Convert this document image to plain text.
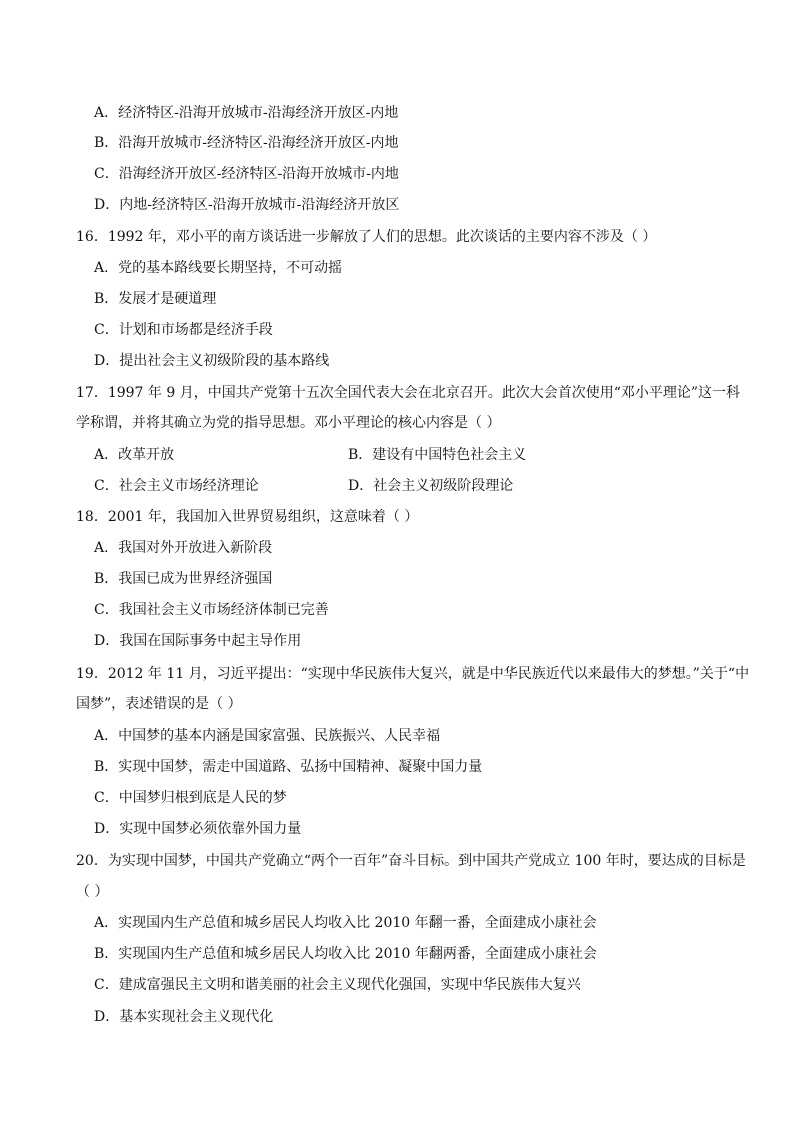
A．经济特区-沿海开放城市-沿海经济开放区-内地
B．沿海开放城市-经济特区-沿海经济开放区-内地
C．沿海经济开放区-经济特区-沿海开放城市-内地
D．内地-经济特区-沿海开放城市-沿海经济开放区
16．1992 年，邓小平的南方谈话进一步解放了人们的思想。此次谈话的主要内容不涉及（ ）
A．党的基本路线要长期坚持，不可动摇
B．发展才是硬道理
C．计划和市场都是经济手段
D．提出社会主义初级阶段的基本路线
17．1997 年 9 月，中国共产党第十五次全国代表大会在北京召开。此次大会首次使用“邓小平理论”这一科
学称谓，并将其确立为党的指导思想。邓小平理论的核心内容是（ ）
A．改革开放	B．建设有中国特色社会主义
C．社会主义市场经济理论	D．社会主义初级阶段理论
18．2001 年，我国加入世界贸易组织，这意味着（ ）
A．我国对外开放进入新阶段
B．我国已成为世界经济强国
C．我国社会主义市场经济体制已完善
D．我国在国际事务中起主导作用
19．2012 年 11 月，习近平提出：“实现中华民族伟大复兴，就是中华民族近代以来最伟大的梦想。”关于“中
国梦”，表述错误的是（ ）
A．中国梦的基本内涵是国家富强、民族振兴、人民幸福
B．实现中国梦，需走中国道路、弘扬中国精神、凝聚中国力量
C．中国梦归根到底是人民的梦
D．实现中国梦必须依靠外国力量
20．为实现中国梦，中国共产党确立“两个一百年”奋斗目标。到中国共产党成立 100 年时，要达成的目标是
（ ）
A．实现国内生产总值和城乡居民人均收入比 2010 年翻一番，全面建成小康社会
B．实现国内生产总值和城乡居民人均收入比 2010 年翻两番，全面建成小康社会
C．建成富强民主文明和谐美丽的社会主义现代化强国，实现中华民族伟大复兴
D．基本实现社会主义现代化
